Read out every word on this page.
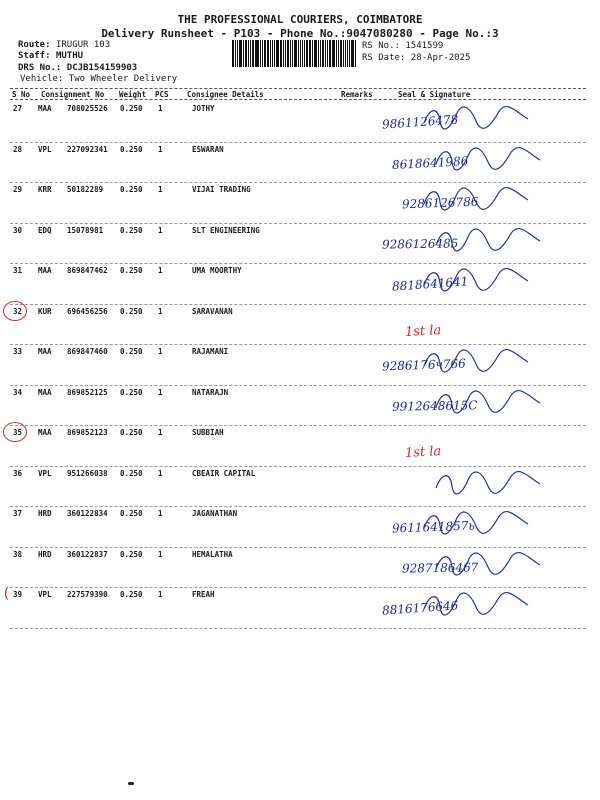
THE PROFESSIONAL COURIERS, COIMBATORE
Delivery Runsheet - P103 - Phone No.:9047080280 - Page No.:3
Route: IRUGUR 103
Staff: MUTHU
DRS No.: DCJB154159903
Vehicle: Two Wheeler Delivery
RS No.: 1541599
RS Date: 28-Apr-2025
S No Consignment No Weight PCS Consignee Details	Remarks	Seal & Signature
27 MAA 708025526 0.250 1	JOTHY
9861126478
28 VPL 227092341 0.250 1	ESWARAN
8618641986
29 KRR 50182289 0.250 1	VIJAI TRADING
9286126786
30 EDQ 15078981 0.250 1	SLT ENGINEERING
9286126485
31 MAA 869847462 0.250 1	UMA MOORTHY
8818641641
32 KUR 696456256 0.250 1	SARAVANAN
1st la
33 MAA 869847460 0.250 1	RAJAMANI
9286176ч766
34 MAA 869852125 0.250 1	NATARAJN
9912648615C
35 MAA 869852123 0.250 1	SUBBIAH
1st la
36 VPL 951266038 0.250 1	CBEAIR CAPITAL
37 HRD 360122834 0.250 1	JAGANATHAN
9611641857ь
38 HRD 360122837 0.250 1	HEMALATHA
9287186467
39 VPL 227579390 0.250 1	FREAH
8816176646
(
